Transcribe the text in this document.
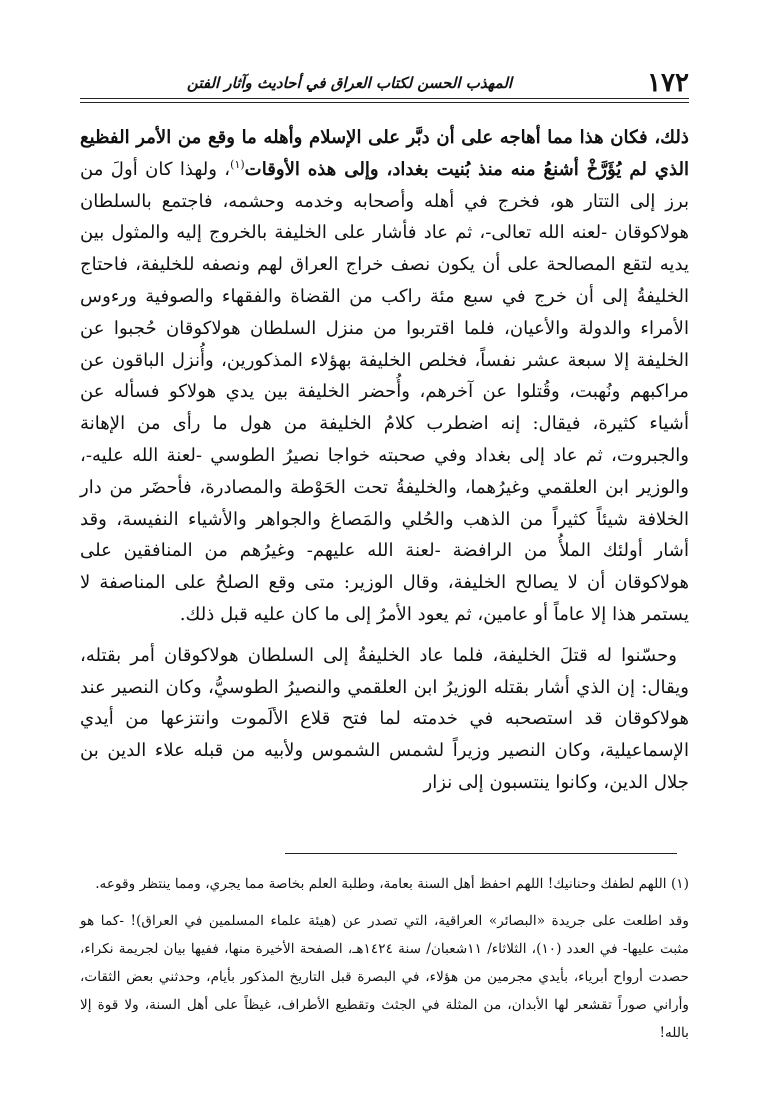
١٧٢
المهذب الحسن لكتاب العراق في أحاديث وآثار الفتن

ذلك، فكان هذا مما أهاجه على أن دبَّر على الإسلام وأهله ما وقع من الأمر الفظيع الذي لم يُؤَرَّخْ أشنعُ منه منذ بُنيت بغداد، وإلى هذه الأوقات$^{(١)}$، ولهذا كان أولَ من برز إلى التتار هو، فخرج في أهله وأصحابه وخدمه وحشمه، فاجتمع بالسلطان هولاكوقان -لعنه الله تعالى-، ثم عاد فأشار على الخليفة بالخروج إليه والمثول بين يديه لتقع المصالحة على أن يكون نصف خراج العراق لهم ونصفه للخليفة، فاحتاج الخليفةُ إلى أن خرج في سبع مئة راكب من القضاة والفقهاء والصوفية ورءوس الأمراء والدولة والأعيان، فلما اقتربوا من منزل السلطان هولاكوقان حُجبوا عن الخليفة إلا سبعة عشر نفساً، فخلص الخليفة بهؤلاء المذكورين، وأُنزل الباقون عن مراكبهم ونُهبت، وقُتلوا عن آخرهم، وأُحضر الخليفة بين يدي هولاكو فسأله عن أشياء كثيرة، فيقال: إنه اضطرب كلامُ الخليفة من هول ما رأى من الإهانة والجبروت، ثم عاد إلى بغداد وفي صحبته خواجا نصيرُ الطوسي -لعنة الله عليه-، والوزير ابن العلقمي وغيرُهما، والخليفةُ تحت الحَوْطة والمصادرة، فأحضَر من دار الخلافة شيئاً كثيراً من الذهب والحُلي والمَصاغ والجواهر والأشياء النفيسة، وقد أشار أولئك الملأُ من الرافضة -لعنة الله عليهم- وغيرُهم من المنافقين على هولاكوقان أن لا يصالح الخليفة، وقال الوزير: متى وقع الصلحُ على المناصفة لا يستمر هذا إلا عاماً أو عامين، ثم يعود الأمرُ إلى ما كان عليه قبل ذلك.

وحسّنوا له قتلَ الخليفة، فلما عاد الخليفةُ إلى السلطان هولاكوقان أمر بقتله، ويقال: إن الذي أشار بقتله الوزيرُ ابن العلقمي والنصيرُ الطوسيُّ، وكان النصير عند هولاكوقان قد استصحبه في خدمته لما فتح قلاع الألَموت وانتزعها من أيدي الإسماعيلية، وكان النصير وزيراً لشمس الشموس ولأبيه من قبله علاء الدين بن جلال الدين، وكانوا ينتسبون إلى نزار

(١) اللهم لطفك وحنانيك! اللهم احفظ أهل السنة بعامة، وطلبة العلم بخاصة مما يجري، ومما ينتظر وقوعه.

وقد اطلعت على جريدة «البصائر» العراقية، التي تصدر عن (هيئة علماء المسلمين في العراق)! -كما هو مثبت عليها- في العدد (١٠)، الثلاثاء/ ١١شعبان/ سنة ١٤٢٤هـ، الصفحة الأخيرة منها، ففيها بيان لجريمة نكراء، حصدت أرواح أبرياء، بأيدي مجرمين من هؤلاء، في البصرة قبل التاريخ المذكور بأيام، وحدثني بعض الثقات، وأراني صوراً تقشعر لها الأبدان، من المثلة في الجثث وتقطيع الأطراف، غيظاً على أهل السنة، ولا قوة إلا بالله!
